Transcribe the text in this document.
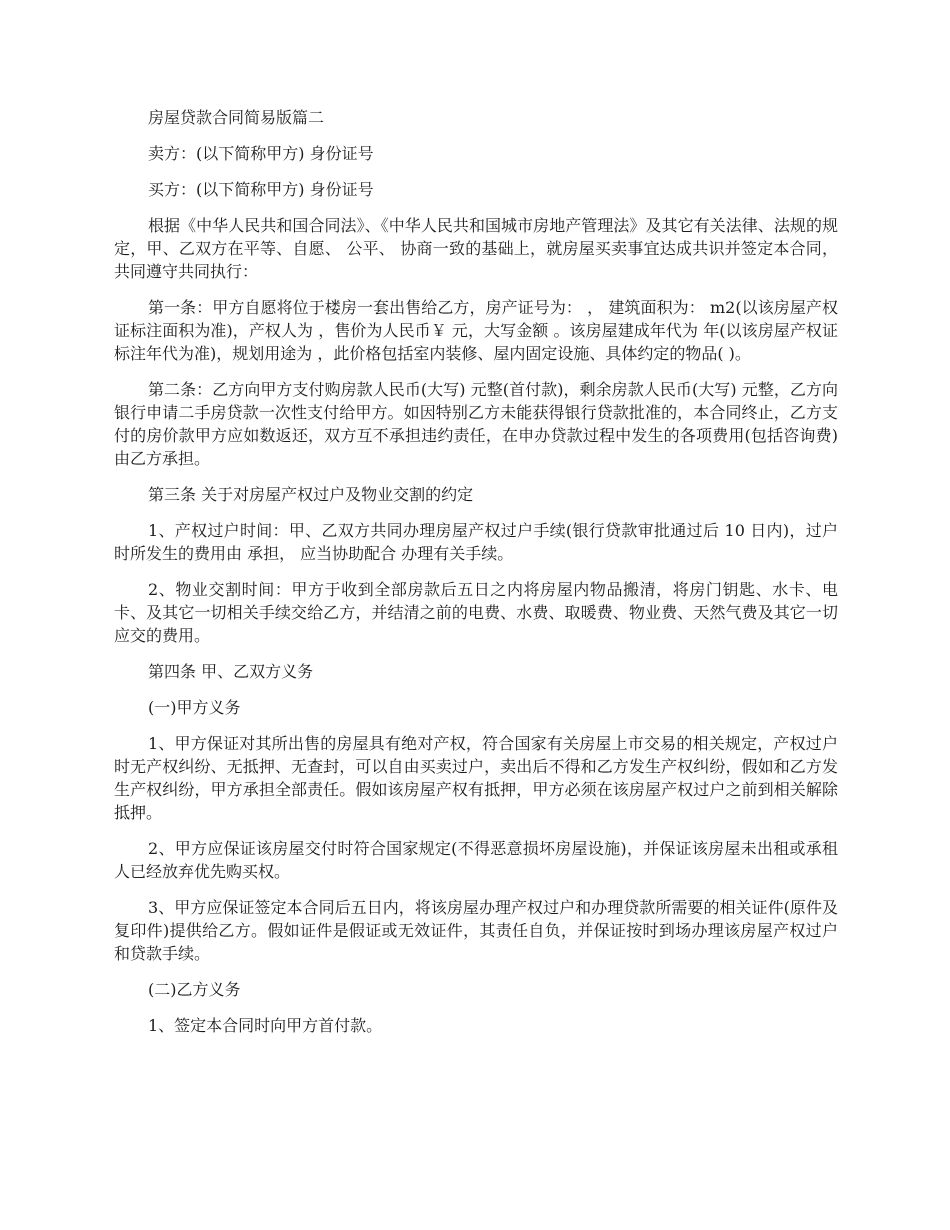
房屋贷款合同简易版篇二

卖方：(以下简称甲方) 身份证号

买方：(以下简称甲方) 身份证号

根据《中华人民共和国合同法》、《中华人民共和国城市房地产管理法》及其它有关法律、法规的规定，甲、乙双方在平等、自愿、 公平、 协商一致的基础上，就房屋买卖事宜达成共识并签定本合同，共同遵守共同执行：

第一条：甲方自愿将位于楼房一套出售给乙方，房产证号为： ， 建筑面积为： m2(以该房屋产权证标注面积为准)，产权人为 ，售价为人民币￥ 元，大写金额 。该房屋建成年代为 年(以该房屋产权证标注年代为准)，规划用途为 ，此价格包括室内装修、屋内固定设施、具体约定的物品( )。

第二条：乙方向甲方支付购房款人民币(大写) 元整(首付款)，剩余房款人民币(大写) 元整，乙方向银行申请二手房贷款一次性支付给甲方。如因特别乙方未能获得银行贷款批准的，本合同终止，乙方支付的房价款甲方应如数返还，双方互不承担违约责任，在申办贷款过程中发生的各项费用(包括咨询费)由乙方承担。

第三条 关于对房屋产权过户及物业交割的约定

1、产权过户时间：甲、乙双方共同办理房屋产权过户手续(银行贷款审批通过后 10 日内)，过户时所发生的费用由 承担， 应当协助配合 办理有关手续。

2、物业交割时间：甲方于收到全部房款后五日之内将房屋内物品搬清，将房门钥匙、水卡、电卡、及其它一切相关手续交给乙方，并结清之前的电费、水费、取暖费、物业费、天然气费及其它一切应交的费用。

第四条 甲、乙双方义务

(一)甲方义务

1、甲方保证对其所出售的房屋具有绝对产权，符合国家有关房屋上市交易的相关规定，产权过户时无产权纠纷、无抵押、无查封，可以自由买卖过户，卖出后不得和乙方发生产权纠纷，假如和乙方发生产权纠纷，甲方承担全部责任。假如该房屋产权有抵押，甲方必须在该房屋产权过户之前到相关解除抵押。

2、甲方应保证该房屋交付时符合国家规定(不得恶意损坏房屋设施)，并保证该房屋未出租或承租人已经放弃优先购买权。

3、甲方应保证签定本合同后五日内，将该房屋办理产权过户和办理贷款所需要的相关证件(原件及复印件)提供给乙方。假如证件是假证或无效证件，其责任自负，并保证按时到场办理该房屋产权过户和贷款手续。

(二)乙方义务

1、签定本合同时向甲方首付款。
